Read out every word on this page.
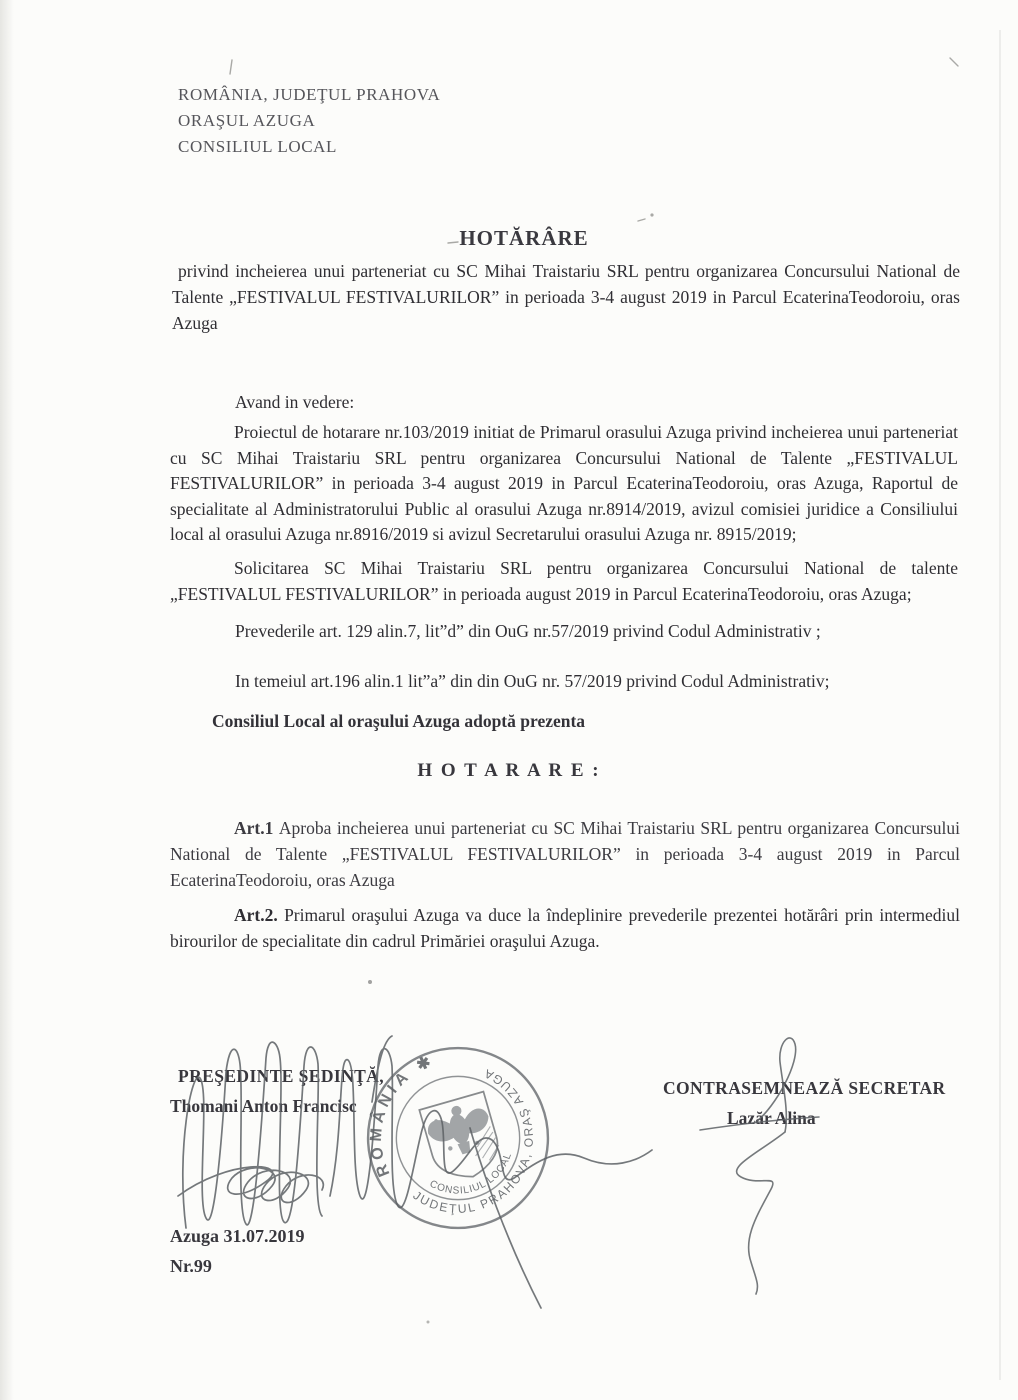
ROMÂNIA, JUDEŢUL PRAHOVA
ORAŞUL AZUGA
CONSILIUL LOCAL
HOTĂRÂRE
privind incheierea unui parteneriat cu SC Mihai Traistariu SRL pentru organizarea Concursului National de Talente „FESTIVALUL FESTIVALURILOR” in perioada 3-4 august 2019 in Parcul EcaterinaTeodoroiu, oras Azuga
Avand in vedere:
Proiectul de hotarare nr.103/2019 initiat de Primarul orasului Azuga privind incheierea unui parteneriat cu SC Mihai Traistariu SRL pentru organizarea Concursului National de Talente „FESTIVALUL FESTIVALURILOR” in perioada 3-4 august 2019 in Parcul EcaterinaTeodoroiu, oras Azuga, Raportul de specialitate al Administratorului Public al orasului Azuga nr.8914/2019, avizul comisiei juridice a Consiliului local al orasului Azuga nr.8916/2019 si avizul Secretarului orasului Azuga nr. 8915/2019;
Solicitarea SC Mihai Traistariu SRL pentru organizarea Concursului National de talente „FESTIVALUL FESTIVALURILOR” in perioada august 2019 in Parcul EcaterinaTeodoroiu, oras Azuga;
Prevederile art. 129 alin.7, lit”d” din OuG nr.57/2019 privind Codul Administrativ ;
In temeiul art.196 alin.1 lit”a” din din OuG nr. 57/2019 privind Codul Administrativ;
Consiliul Local al oraşului Azuga adoptă prezenta
H O T A R A R E :
Art.1 Aproba incheierea unui parteneriat cu SC Mihai Traistariu SRL pentru organizarea Concursului National de Talente „FESTIVALUL FESTIVALURILOR” in perioada 3-4 august 2019 in Parcul EcaterinaTeodoroiu, oras Azuga
Art.2. Primarul oraşului Azuga va duce la îndeplinire prevederile prezentei hotărâri prin intermediul birourilor de specialitate din cadrul Primăriei oraşului Azuga.
PREŞEDINTE ŞEDINŢĂ,
Thomani Anton Francisc
CONTRASEMNEAZĂ SECRETAR
Lazăr Alina
ROMÂNIA ✱
JUDEŢUL PRAHOVA, ORAŞ AZUGA
CONSILIUL LOCAL
Azuga 31.07.2019
Nr.99
